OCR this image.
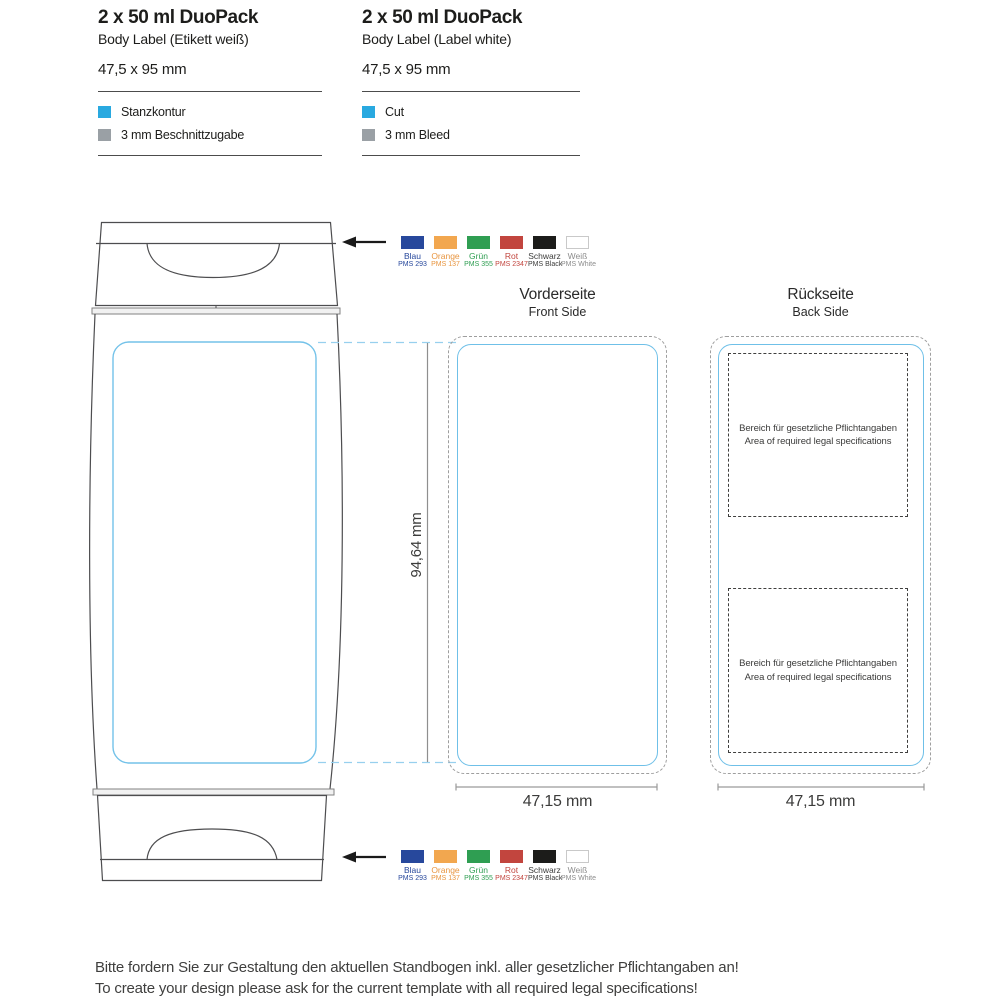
2 x 50 ml DuoPack
Body Label (Etikett weiß)
47,5 x 95 mm
Stanzkontur
3 mm Beschnittzugabe
2 x 50 ml DuoPack
Body Label (Label white)
47,5 x 95 mm
Cut
3 mm Bleed
Blau
PMS 293
Orange
PMS 137
Grün
PMS 355
Rot
PMS 2347
Schwarz
PMS Black
Weiß
PMS White
Blau
PMS 293
Orange
PMS 137
Grün
PMS 355
Rot
PMS 2347
Schwarz
PMS Black
Weiß
PMS White
Vorderseite
Front Side
Rückseite
Back Side
Bereich für gesetzliche Pflichtangaben
Area of required legal specifications
Bereich für gesetzliche Pflichtangaben
Area of required legal specifications
94,64 mm
47,15 mm	47,15 mm
Bitte fordern Sie zur Gestaltung den aktuellen Standbogen inkl. aller gesetzlicher Pflichtangaben an!
To create your design please ask for the current template with all required legal specifications!
